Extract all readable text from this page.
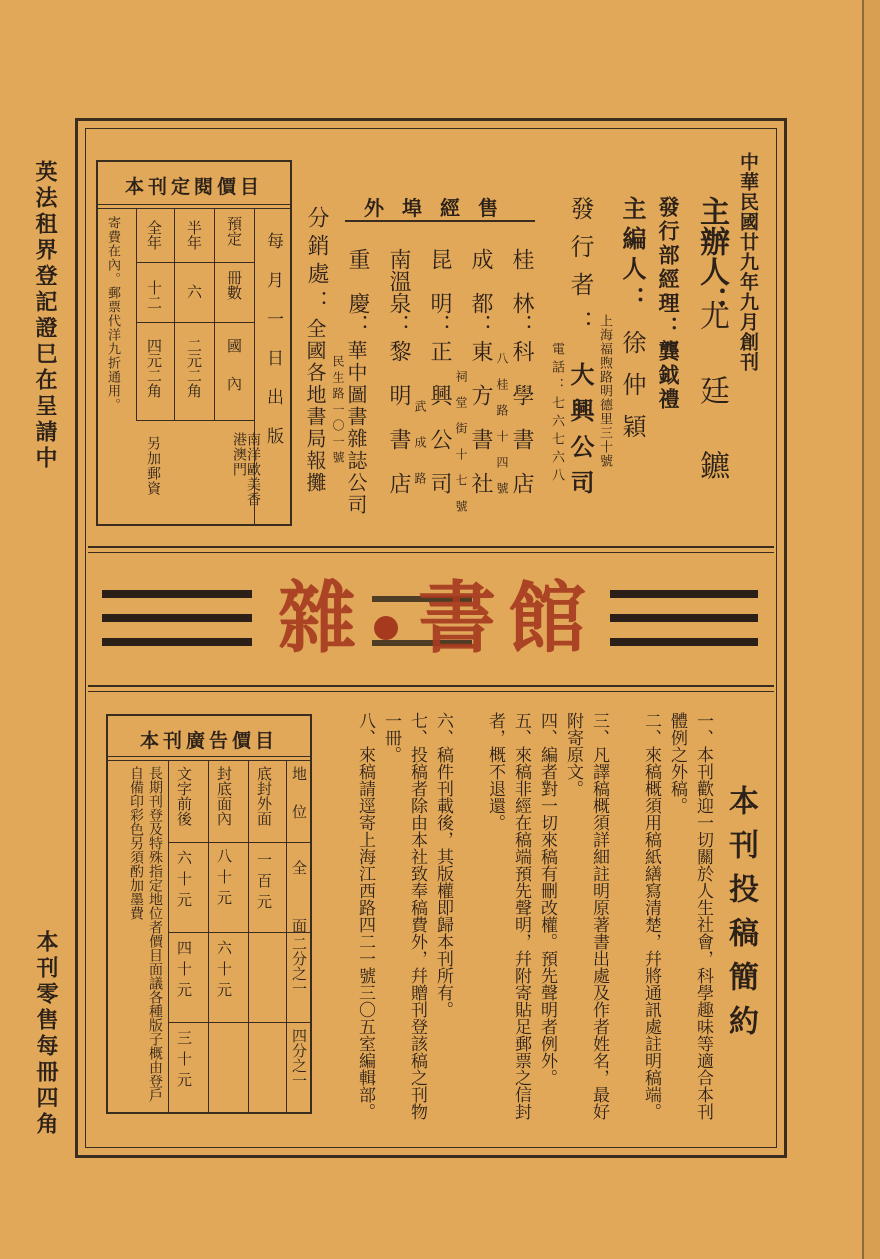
英法租界登記證巳在呈請中
本刊零售每冊四角
中華民國廿九年九月創刊
主辦人：
尤廷鑣
發行部經理：龔鉞禮
主編人：
徐仲穎
發行者：
大興公司 上海福煦路明德里三十號
電話：七六七六八
外埠經售
桂　林：
科學書店
八桂路十四號
成　都：
東方書社
祠堂街十七號
昆　明：
正興公司
武成路
南溫泉：
黎明書店
重　慶：
華中圖書雜誌公司
民生路一〇一號
分銷處：
全國各地書局報攤
本刊定閱價目
每月一日出版
預定
冊數
國　內
南洋歐美香港澳門
半年
六
二元二角
全年
十二
四元二角
另加郵資
寄費在內。郵票代洋九折通用。
雜 書 館
本刊投稿簡約
一、本刊歡迎一切關於人生社會，科學趣味等適合本刊體例之外稿。
二、來稿概須用稿紙繕寫清楚，幷將通訊處註明稿端。
三、凡譯稿概須詳細註明原著書出處及作者姓名，最好附寄原文。
四、編者對一切來稿有刪改權。預先聲明者例外。
五、來稿非經在稿端預先聲明，幷附寄貼足郵票之信封者，概不退還。
六、稿件刊載後，其版權即歸本刊所有。
七、投稿者除由本社致奉稿費外，幷贈刊登該稿之刊物一冊。
八、來稿請逕寄上海江西路四二一號三〇五室編輯部。
本刊廣告價目
地　位
全　面
二分之一
四分之一
底封外面
一百元
封底面內
八十元
六十元
文字前後
六十元
四十元
三十元
長期刊登及特殊指定地位者價目面議各種版子概由登戶自備印彩色另須酌加墨費
